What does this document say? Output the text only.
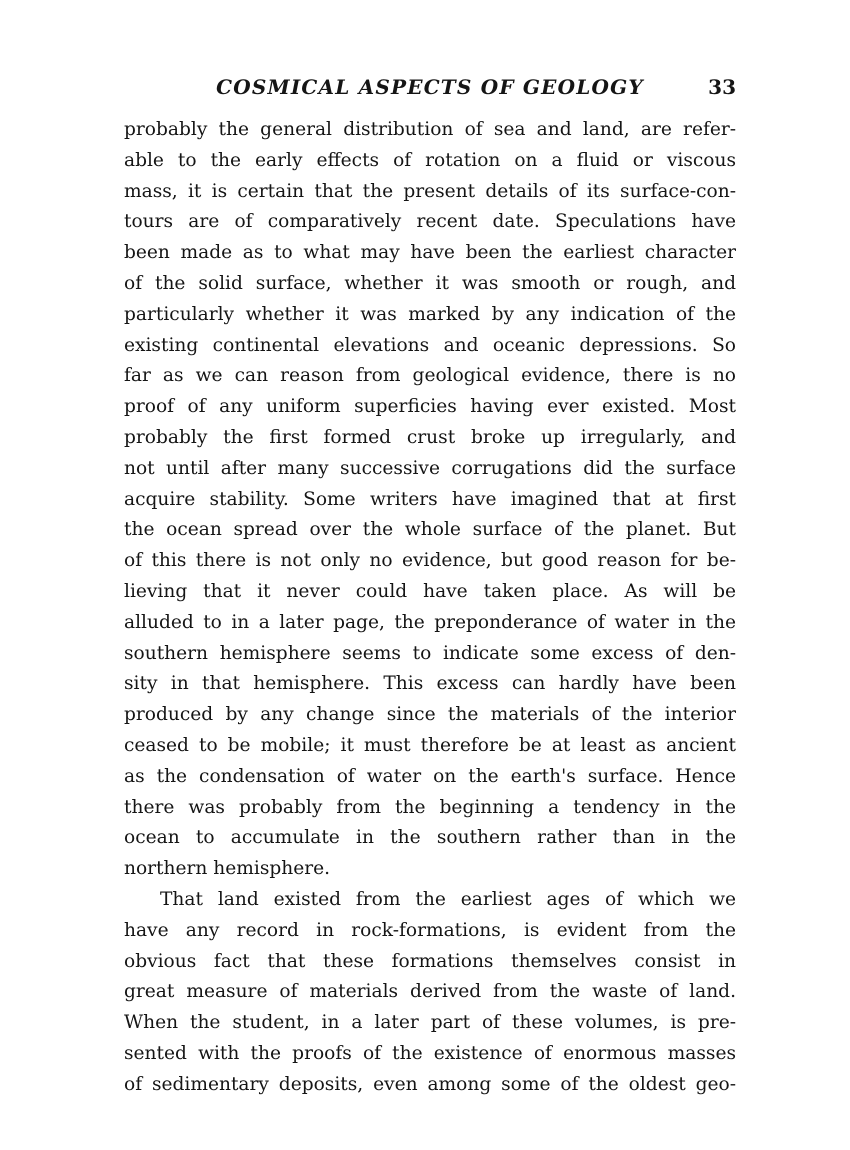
COSMICAL ASPECTS OF GEOLOGY	33
probably the general distribution of sea and land, are refer-
able to the early effects of rotation on a fluid or viscous
mass, it is certain that the present details of its surface-con-
tours are of comparatively recent date. Speculations have
been made as to what may have been the earliest character
of the solid surface, whether it was smooth or rough, and
particularly whether it was marked by any indication of the
existing continental elevations and oceanic depressions. So
far as we can reason from geological evidence, there is no
proof of any uniform superficies having ever existed. Most
probably the first formed crust broke up irregularly, and
not until after many successive corrugations did the surface
acquire stability. Some writers have imagined that at first
the ocean spread over the whole surface of the planet. But
of this there is not only no evidence, but good reason for be-
lieving that it never could have taken place. As will be
alluded to in a later page, the preponderance of water in the
southern hemisphere seems to indicate some excess of den-
sity in that hemisphere. This excess can hardly have been
produced by any change since the materials of the interior
ceased to be mobile; it must therefore be at least as ancient
as the condensation of water on the earth's surface. Hence
there was probably from the beginning a tendency in the
ocean to accumulate in the southern rather than in the
northern hemisphere.
That land existed from the earliest ages of which we
have any record in rock-formations, is evident from the
obvious fact that these formations themselves consist in
great measure of materials derived from the waste of land.
When the student, in a later part of these volumes, is pre-
sented with the proofs of the existence of enormous masses
of sedimentary deposits, even among some of the oldest geo-
